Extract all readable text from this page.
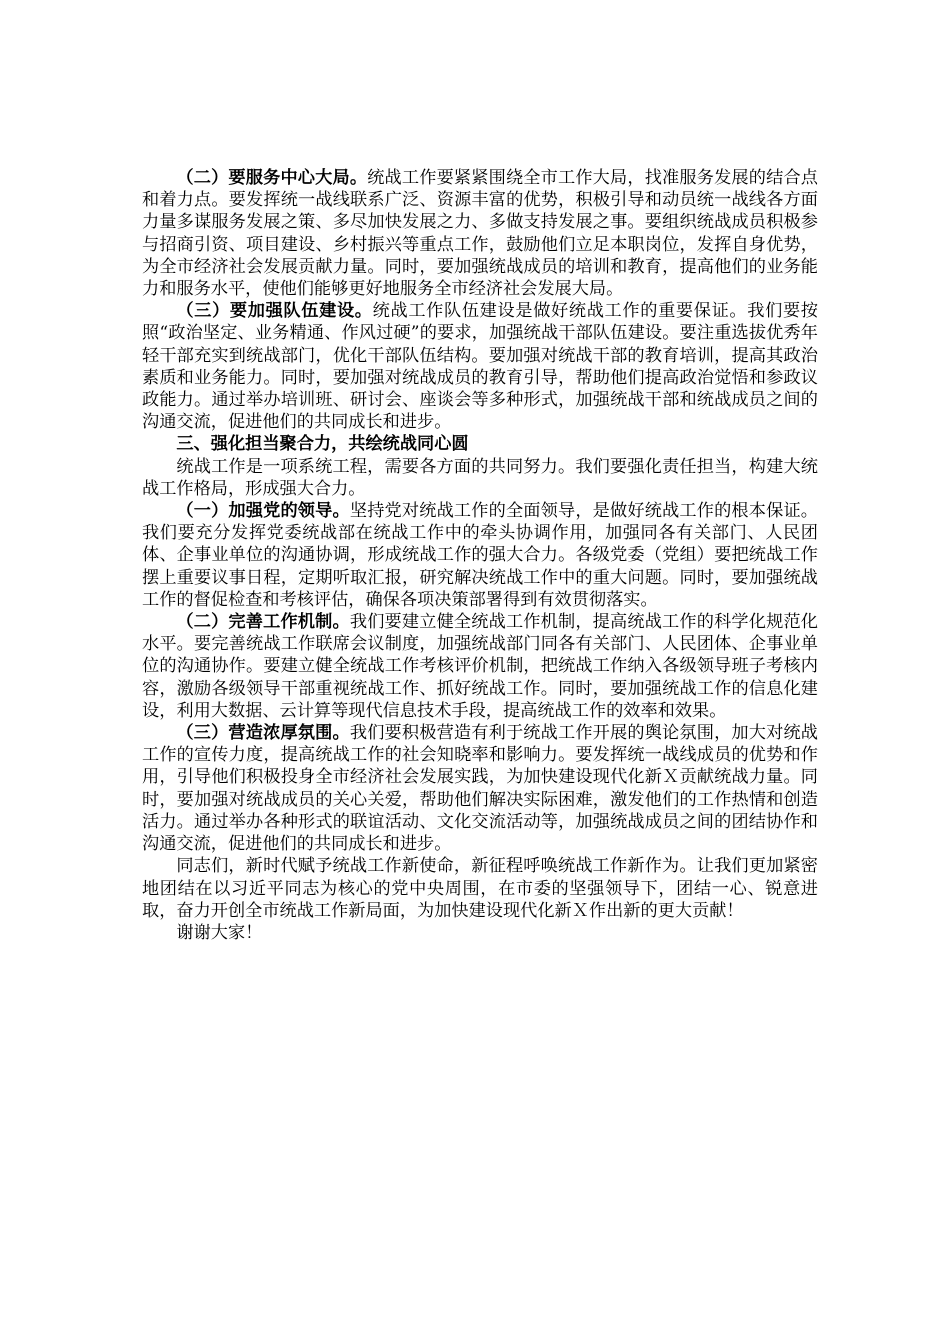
（二）要服务中心大局。统战工作要紧紧围绕全市工作大局，找准服务发展的结合点和着力点。要发挥统一战线联系广泛、资源丰富的优势，积极引导和动员统一战线各方面力量多谋服务发展之策、多尽加快发展之力、多做支持发展之事。要组织统战成员积极参与招商引资、项目建设、乡村振兴等重点工作，鼓励他们立足本职岗位，发挥自身优势，为全市经济社会发展贡献力量。同时，要加强统战成员的培训和教育，提高他们的业务能力和服务水平，使他们能够更好地服务全市经济社会发展大局。

（三）要加强队伍建设。统战工作队伍建设是做好统战工作的重要保证。我们要按照“政治坚定、业务精通、作风过硬”的要求，加强统战干部队伍建设。要注重选拔优秀年轻干部充实到统战部门，优化干部队伍结构。要加强对统战干部的教育培训，提高其政治素质和业务能力。同时，要加强对统战成员的教育引导，帮助他们提高政治觉悟和参政议政能力。通过举办培训班、研讨会、座谈会等多种形式，加强统战干部和统战成员之间的沟通交流，促进他们的共同成长和进步。

三、强化担当聚合力，共绘统战同心圆

统战工作是一项系统工程，需要各方面的共同努力。我们要强化责任担当，构建大统战工作格局，形成强大合力。

（一）加强党的领导。坚持党对统战工作的全面领导，是做好统战工作的根本保证。我们要充分发挥党委统战部在统战工作中的牵头协调作用，加强同各有关部门、人民团体、企事业单位的沟通协调，形成统战工作的强大合力。各级党委（党组）要把统战工作摆上重要议事日程，定期听取汇报，研究解决统战工作中的重大问题。同时，要加强统战工作的督促检查和考核评估，确保各项决策部署得到有效贯彻落实。

（二）完善工作机制。我们要建立健全统战工作机制，提高统战工作的科学化规范化水平。要完善统战工作联席会议制度，加强统战部门同各有关部门、人民团体、企事业单位的沟通协作。要建立健全统战工作考核评价机制，把统战工作纳入各级领导班子考核内容，激励各级领导干部重视统战工作、抓好统战工作。同时，要加强统战工作的信息化建设，利用大数据、云计算等现代信息技术手段，提高统战工作的效率和效果。

（三）营造浓厚氛围。我们要积极营造有利于统战工作开展的舆论氛围，加大对统战工作的宣传力度，提高统战工作的社会知晓率和影响力。要发挥统一战线成员的优势和作用，引导他们积极投身全市经济社会发展实践，为加快建设现代化新Ｘ贡献统战力量。同时，要加强对统战成员的关心关爱，帮助他们解决实际困难，激发他们的工作热情和创造活力。通过举办各种形式的联谊活动、文化交流活动等，加强统战成员之间的团结协作和沟通交流，促进他们的共同成长和进步。

同志们，新时代赋予统战工作新使命，新征程呼唤统战工作新作为。让我们更加紧密地团结在以习近平同志为核心的党中央周围，在市委的坚强领导下，团结一心、锐意进取，奋力开创全市统战工作新局面，为加快建设现代化新Ｘ作出新的更大贡献！

谢谢大家！
